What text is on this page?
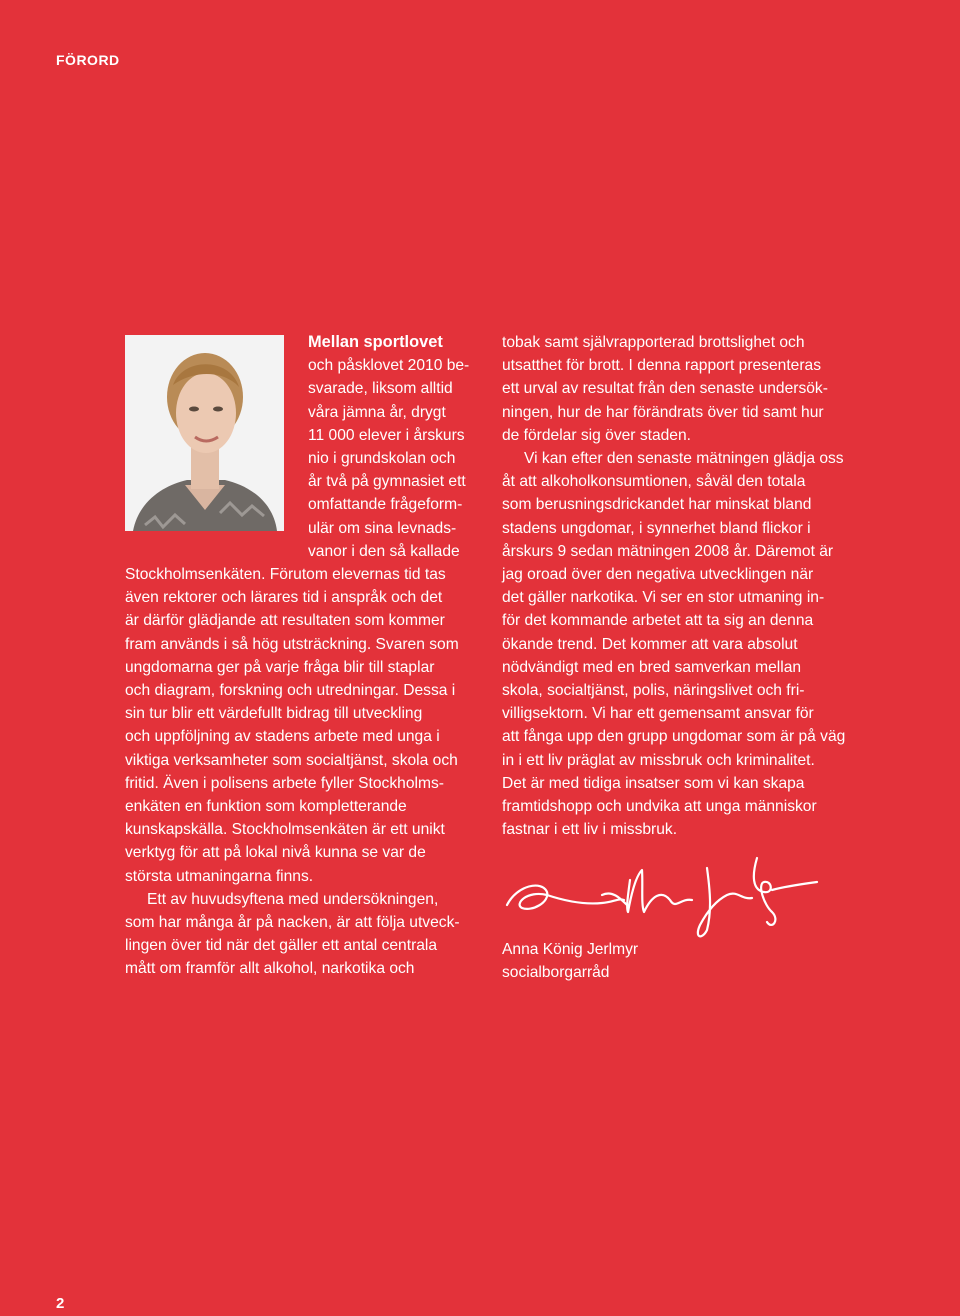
FÖRORD

Mellan sportlovet

och påsklovet 2010 be-

svarade, liksom alltid

våra jämna år, drygt

11 000 elever i årskurs

nio i grundskolan och

år två på gymnasiet ett

omfattande frågeform-

ulär om sina levnads-

vanor i den så kallade

Stockholmsenkäten. Förutom elevernas tid tas

även rektorer och lärares tid i anspråk och det

är därför glädjande att resultaten som kommer

fram används i så hög utsträckning. Svaren som

ungdomarna ger på varje fråga blir till staplar

och diagram, forskning och utredningar. Dessa i

sin tur blir ett värdefullt bidrag till utveckling

och uppföljning av stadens arbete med unga i

viktiga verksamheter som socialtjänst, skola och

fritid. Även i polisens arbete fyller Stockholms-

enkäten en funktion som kompletterande

kunskapskälla. Stockholmsenkäten är ett unikt

verktyg för att på lokal nivå kunna se var de

största utmaningarna finns.

Ett av huvudsyftena med undersökningen,

som har många år på nacken, är att följa utveck-

lingen över tid när det gäller ett antal centrala

mått om framför allt alkohol, narkotika och

tobak samt självrapporterad brottslighet och

utsatthet för brott. I denna rapport presenteras

ett urval av resultat från den senaste undersök-

ningen, hur de har förändrats över tid samt hur

de fördelar sig över staden.

Vi kan efter den senaste mätningen glädja oss

åt att alkoholkonsumtionen, såväl den totala

som berusningsdrickandet har minskat bland

stadens ungdomar, i synnerhet bland flickor i

årskurs 9 sedan mätningen 2008 år. Däremot är

jag oroad över den negativa utvecklingen när

det gäller narkotika. Vi ser en stor utmaning in-

för det kommande arbetet att ta sig an denna

ökande trend. Det kommer att vara absolut

nödvändigt med en bred samverkan mellan

skola, socialtjänst, polis, näringslivet och fri-

villigsektorn. Vi har ett gemensamt ansvar för

att fånga upp den grupp ungdomar som är på väg

in i ett liv präglat av missbruk och kriminalitet.

Det är med tidiga insatser som vi kan skapa

framtidshopp och undvika att unga människor

fastnar i ett liv i missbruk.

Anna König Jerlmyr
socialborgarråd
2
